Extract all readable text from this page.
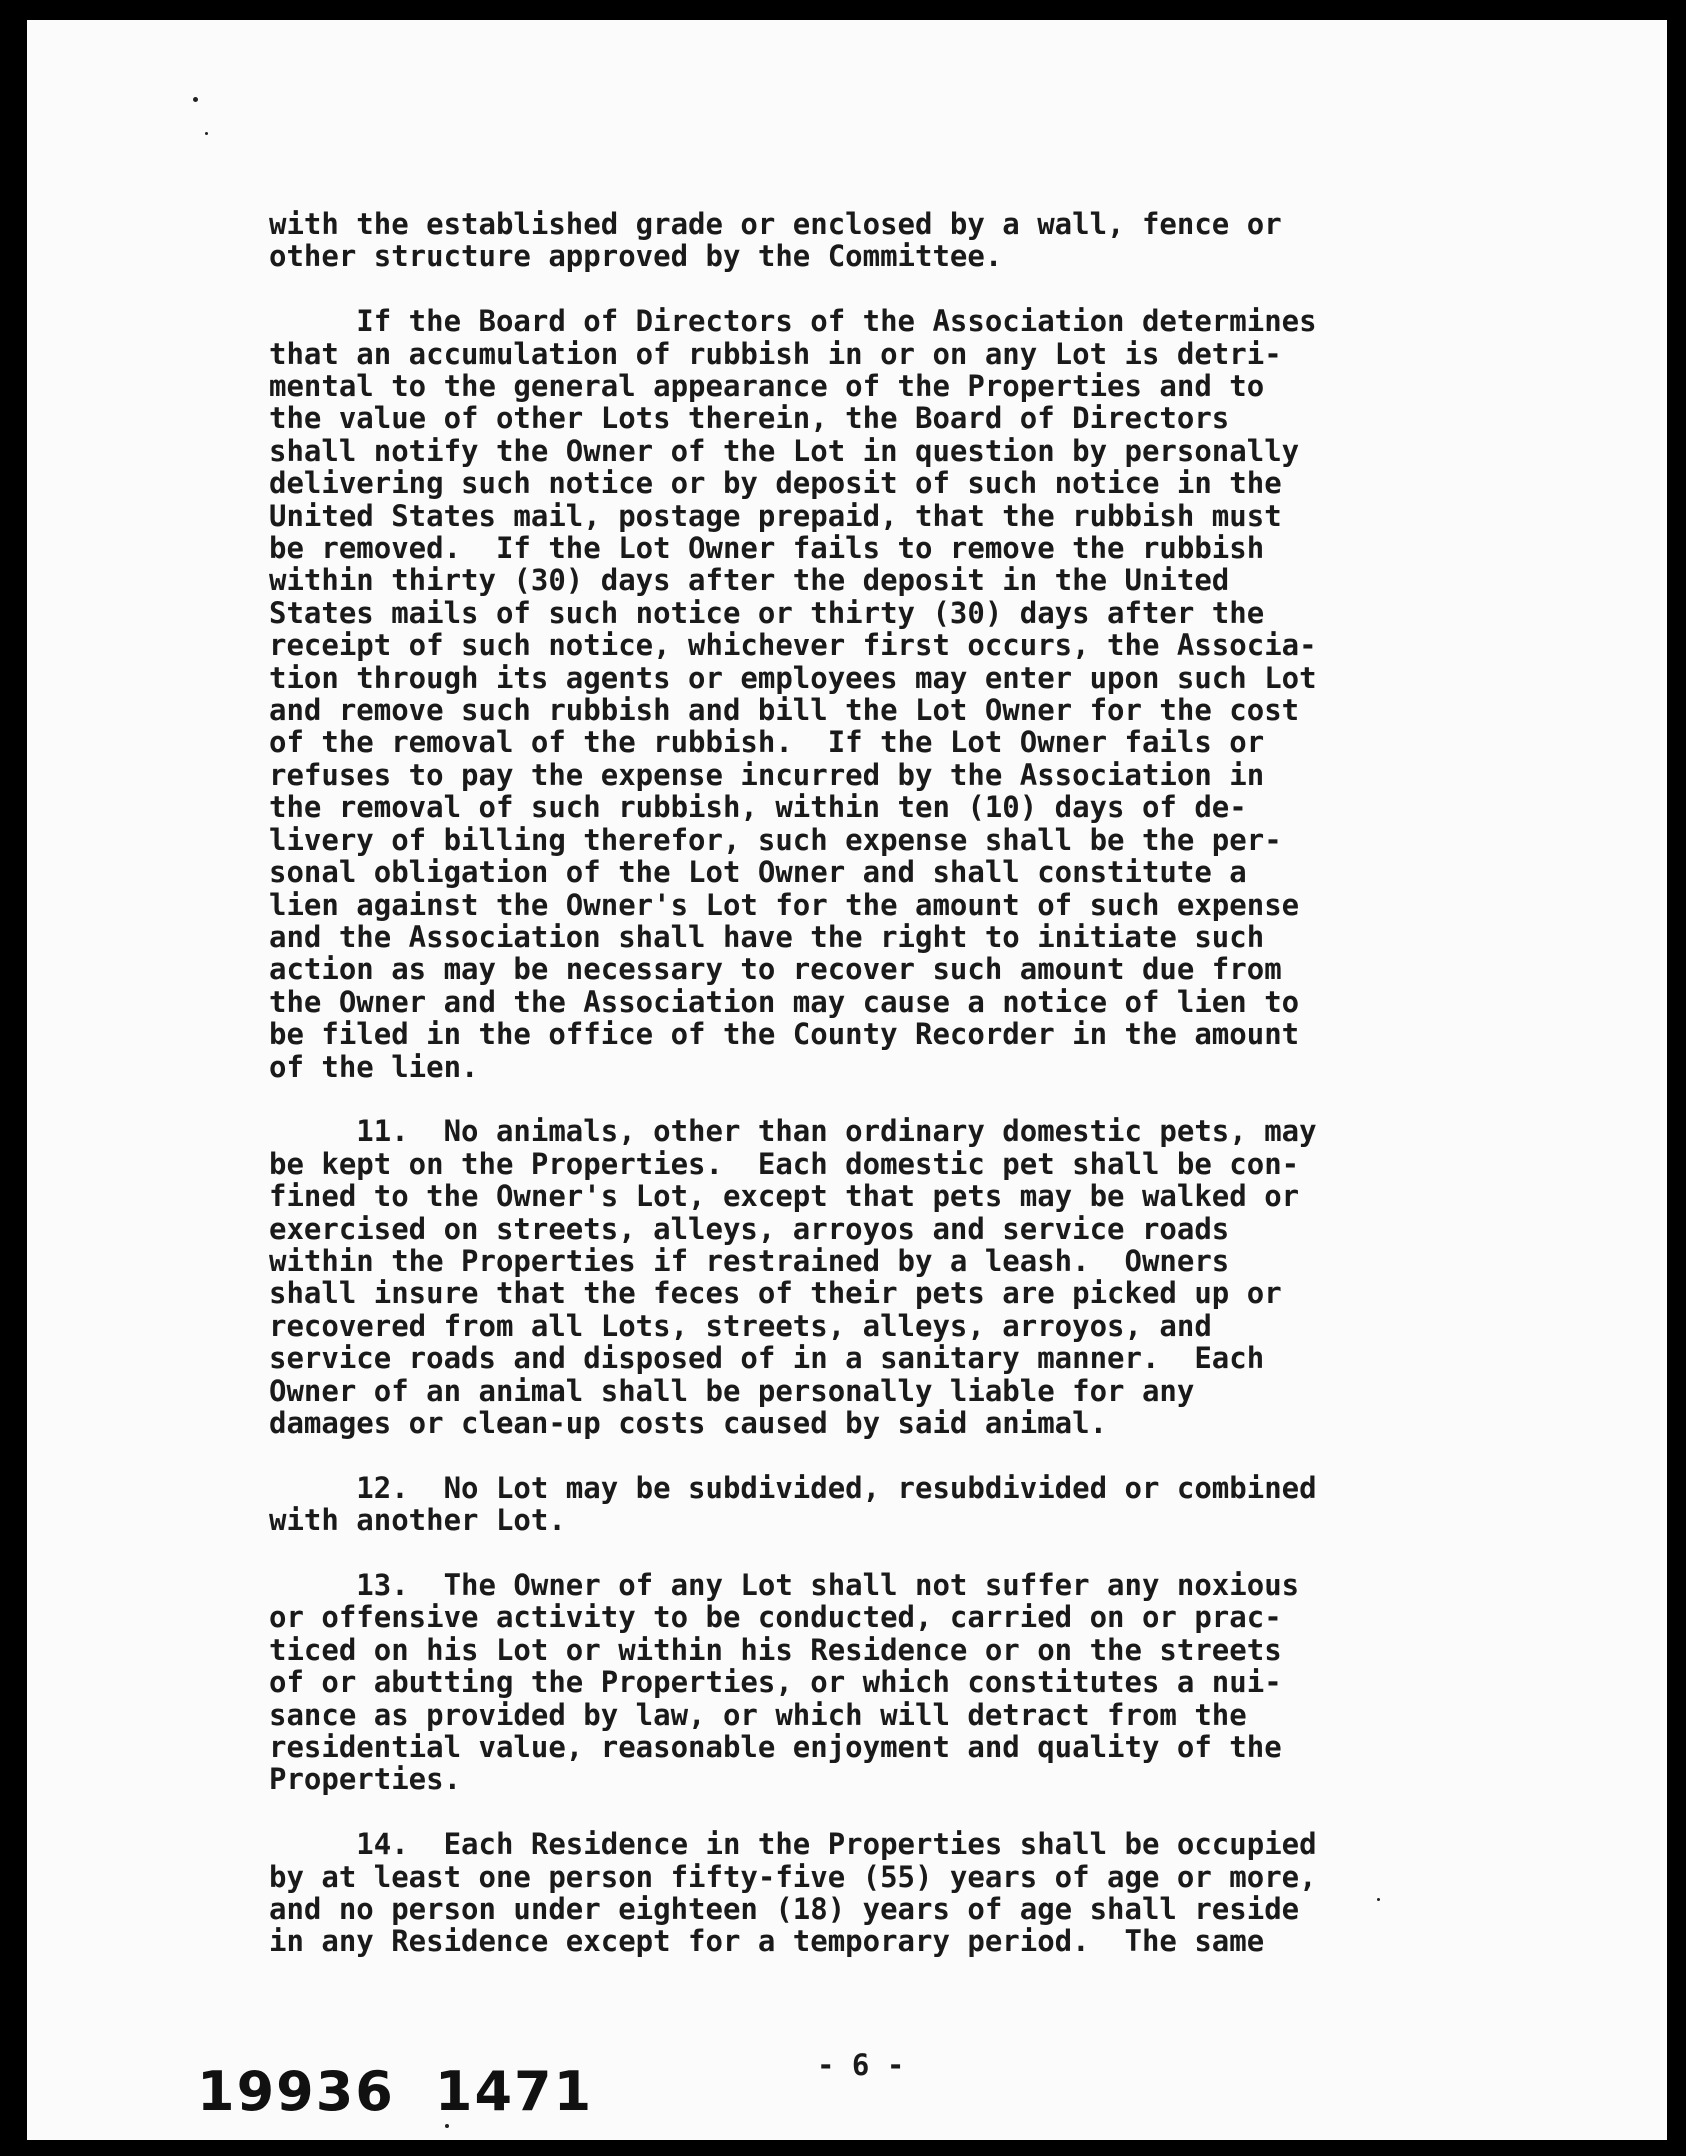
with the established grade or enclosed by a wall, fence or
other structure approved by the Committee.

If the Board of Directors of the Association determines
that an accumulation of rubbish in or on any Lot is detri-
mental to the general appearance of the Properties and to
the value of other Lots therein, the Board of Directors
shall notify the Owner of the Lot in question by personally
delivering such notice or by deposit of such notice in the
United States mail, postage prepaid, that the rubbish must
be removed.  If the Lot Owner fails to remove the rubbish
within thirty (30) days after the deposit in the United
States mails of such notice or thirty (30) days after the
receipt of such notice, whichever first occurs, the Associa-
tion through its agents or employees may enter upon such Lot
and remove such rubbish and bill the Lot Owner for the cost
of the removal of the rubbish.  If the Lot Owner fails or
refuses to pay the expense incurred by the Association in
the removal of such rubbish, within ten (10) days of de-
livery of billing therefor, such expense shall be the per-
sonal obligation of the Lot Owner and shall constitute a
lien against the Owner's Lot for the amount of such expense
and the Association shall have the right to initiate such
action as may be necessary to recover such amount due from
the Owner and the Association may cause a notice of lien to
be filed in the office of the County Recorder in the amount
of the lien.

11.  No animals, other than ordinary domestic pets, may
be kept on the Properties.  Each domestic pet shall be con-
fined to the Owner's Lot, except that pets may be walked or
exercised on streets, alleys, arroyos and service roads
within the Properties if restrained by a leash.  Owners
shall insure that the feces of their pets are picked up or
recovered from all Lots, streets, alleys, arroyos, and
service roads and disposed of in a sanitary manner.  Each
Owner of an animal shall be personally liable for any
damages or clean-up costs caused by said animal.

12.  No Lot may be subdivided, resubdivided or combined
with another Lot.

13.  The Owner of any Lot shall not suffer any noxious
or offensive activity to be conducted, carried on or prac-
ticed on his Lot or within his Residence or on the streets
of or abutting the Properties, or which constitutes a nui-
sance as provided by law, or which will detract from the
residential value, reasonable enjoyment and quality of the
Properties.

14.  Each Residence in the Properties shall be occupied
by at least one person fifty-five (55) years of age or more,
and no person under eighteen (18) years of age shall reside
in any Residence except for a temporary period.  The same

- 6 -
19936 1471
